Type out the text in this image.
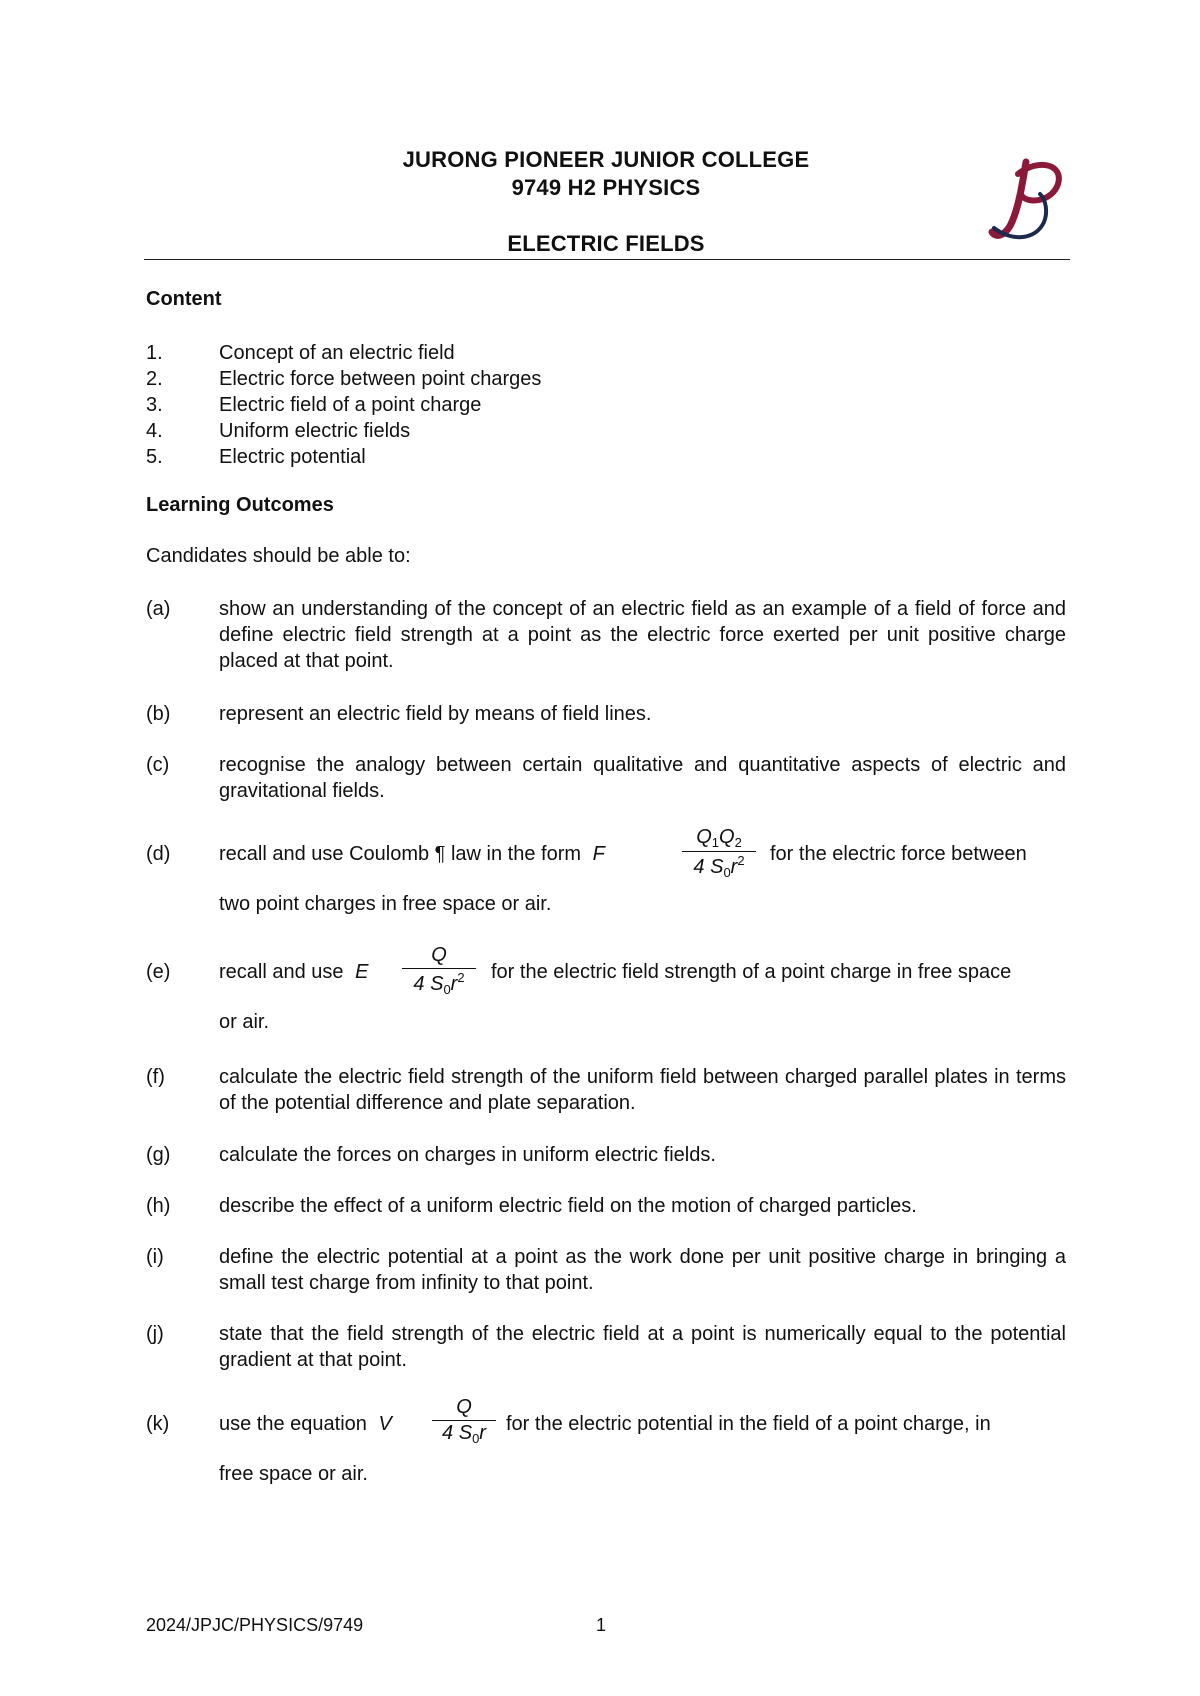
JURONG PIONEER JUNIOR COLLEGE
9749 H2 PHYSICS
ELECTRIC FIELDS
Content
1.	Concept of an electric field
2.	Electric force between point charges
3.	Electric field of a point charge
4.	Uniform electric fields
5.	Electric potential
Learning Outcomes
Candidates should be able to:
(a)	show an understanding of the concept of an electric field as an example of a field of force and define electric field strength at a point as the electric force exerted per unit positive charge placed at that point.
(b)	represent an electric field by means of field lines.
(c)	recognise the analogy between certain qualitative and quantitative aspects of electric and gravitational fields.
(d) recall and use Coulomb ¶ law in the form F
$Q_1Q_2$
4 $S_0r^2$	for the electric force between
two point charges in free space or air.
(e) recall and use E
Q
4 $S_0r^2$	for the electric field strength of a point charge in free space
or air.
(f)	calculate the electric field strength of the uniform field between charged parallel plates in terms of the potential difference and plate separation.
(g)	calculate the forces on charges in uniform electric fields.
(h)	describe the effect of a uniform electric field on the motion of charged particles.
(i)	define the electric potential at a point as the work done per unit positive charge in bringing a small test charge from infinity to that point.
(j)	state that the field strength of the electric field at a point is numerically equal to the potential gradient at that point.
(k) use the equation V
Q
4 $S_0r$	for the electric potential in the field of a point charge, in
free space or air.
2024/JPJC/PHYSICS/9749	1
